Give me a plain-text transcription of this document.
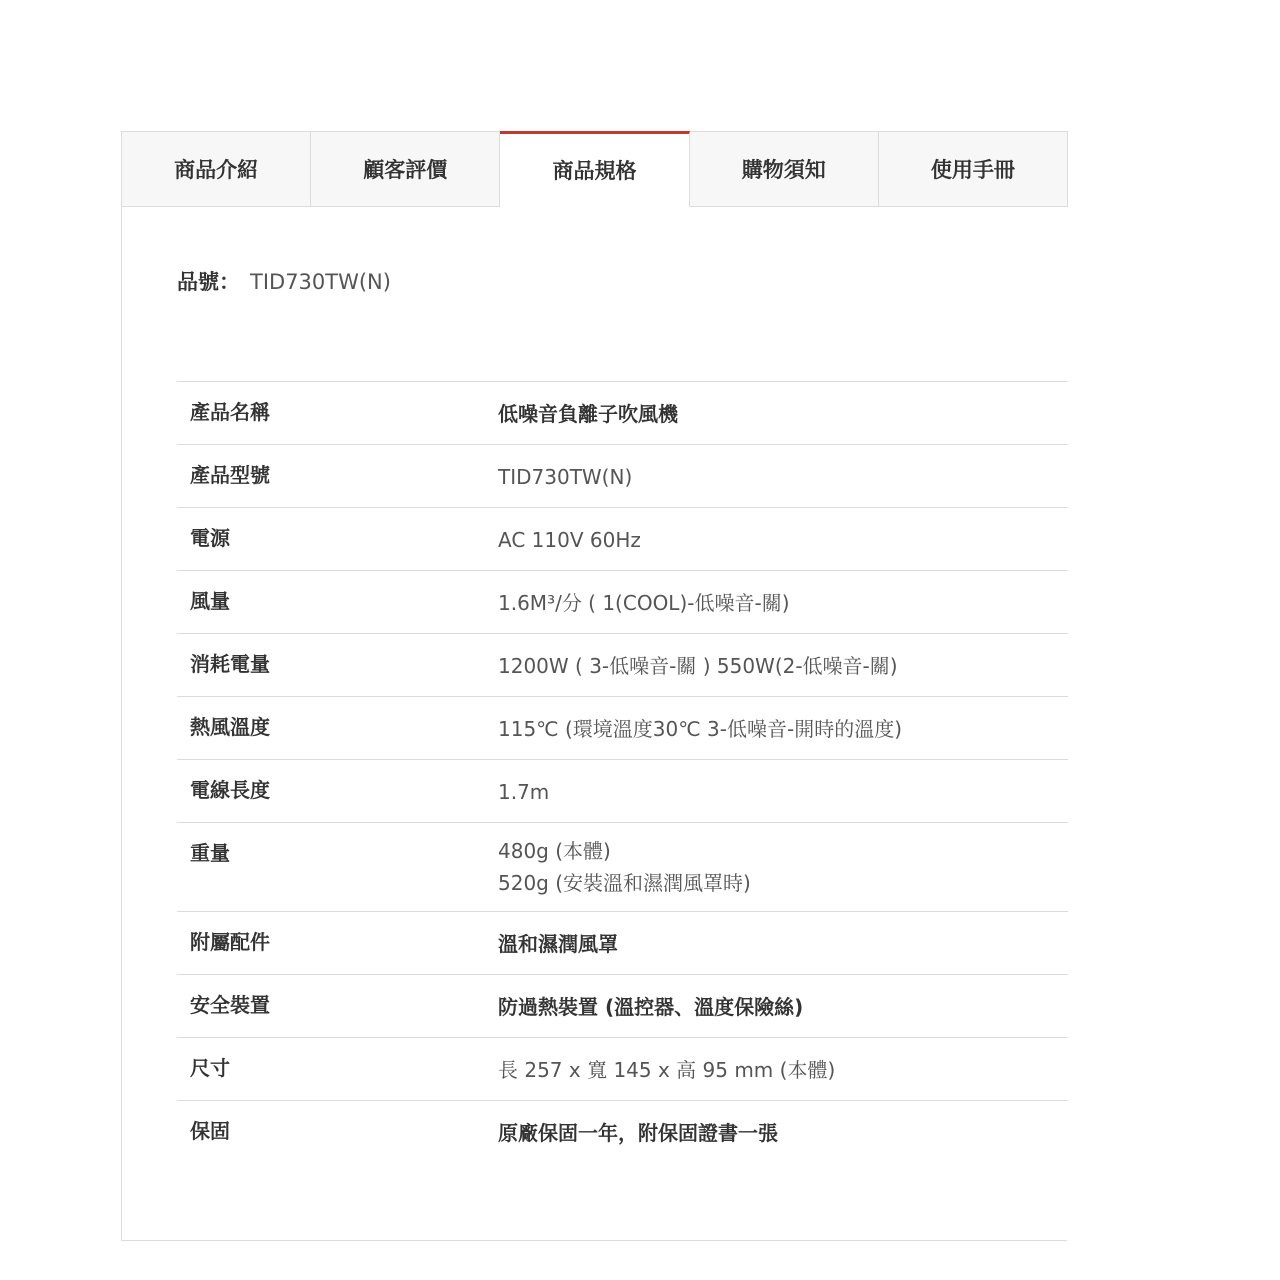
商品介紹	顧客評價	商品規格	購物須知	使用手冊
品號： TID730TW(N)
產品名稱	低噪音負離子吹風機
產品型號	TID730TW(N)
電源	AC 110V 60Hz
風量	1.6M³/分 ( 1(COOL)-低噪音-關)
消耗電量	1200W ( 3-低噪音-關 ) 550W(2-低噪音-關)
熱風溫度	115℃ (環境溫度30℃ 3-低噪音-開時的溫度)
電線長度	1.7m
重量	480g (本體)
520g (安裝溫和濕潤風罩時)
附屬配件	溫和濕潤風罩
安全裝置	防過熱裝置 (溫控器、溫度保險絲)
尺寸	長 257 x 寬 145 x 高 95 mm (本體)
保固	原廠保固一年，附保固證書一張
